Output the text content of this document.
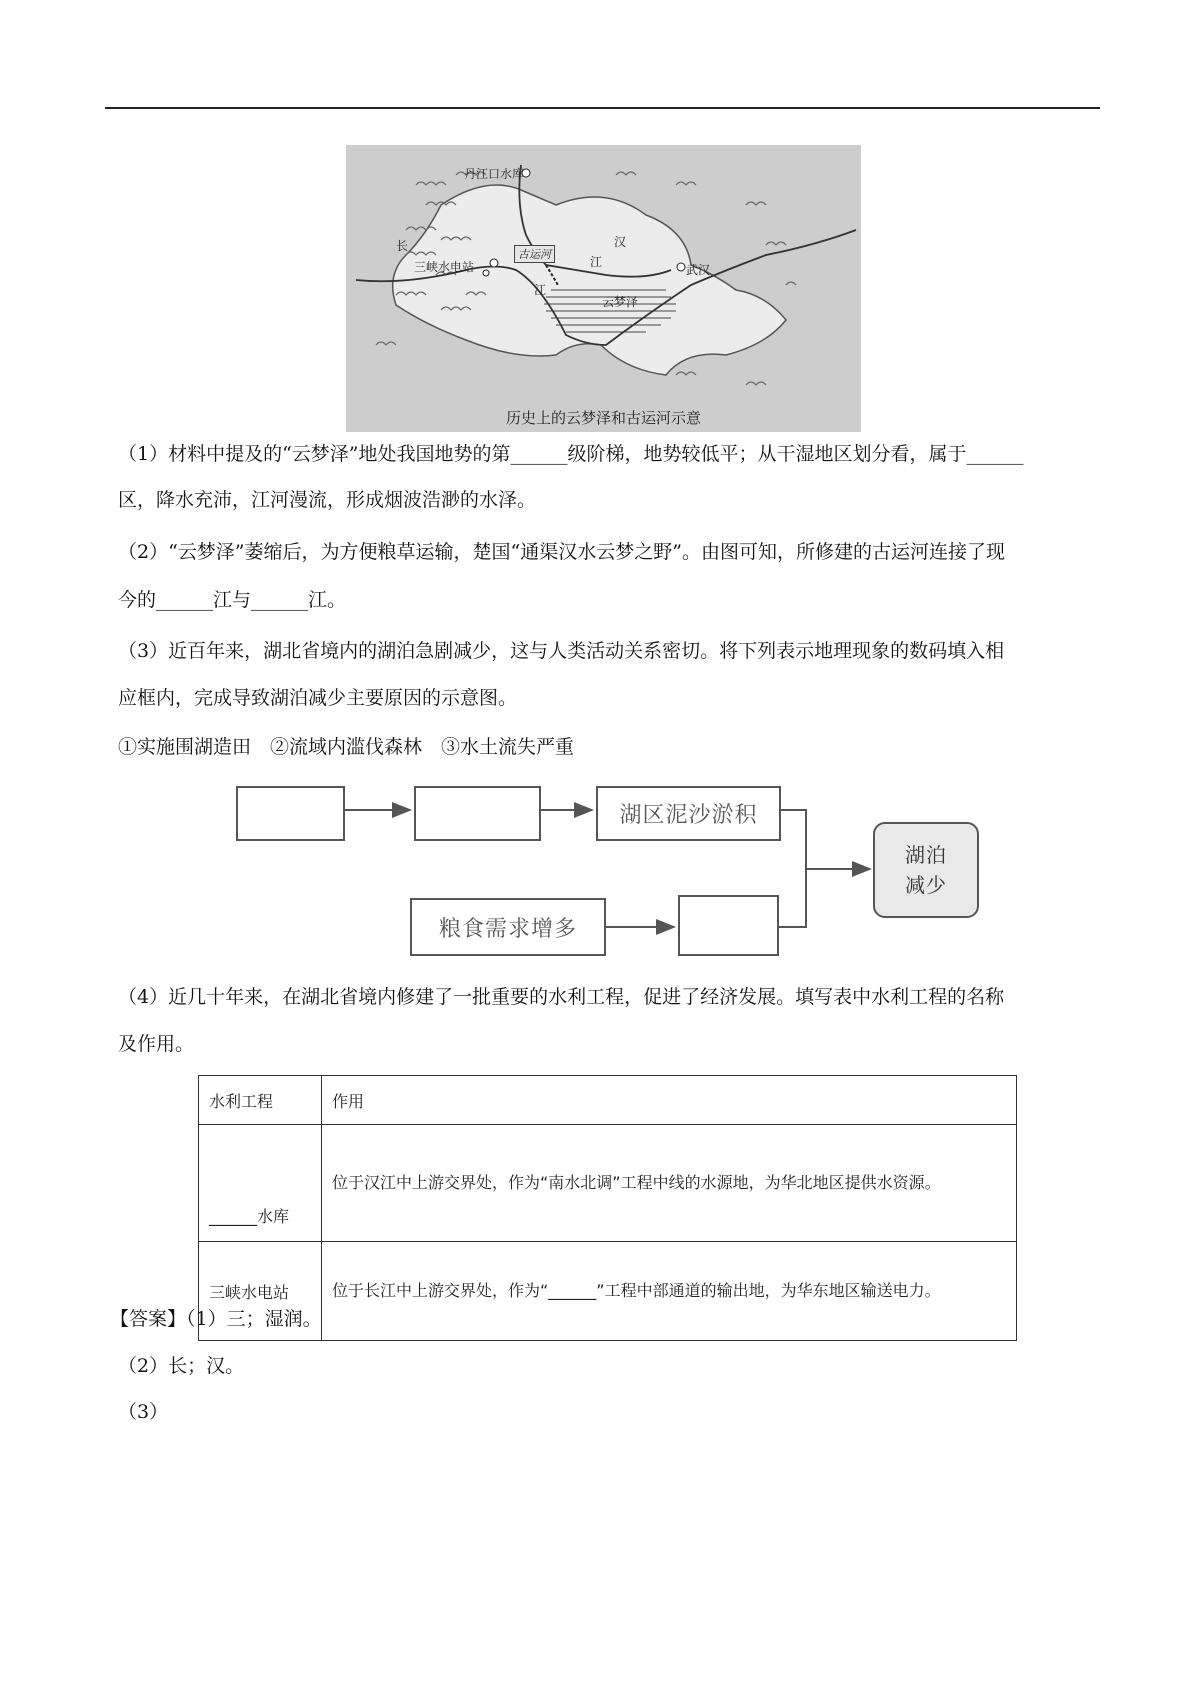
丹江口水库
汉
长
三峡水电站
江
江
古运河
云梦泽
武汉
历史上的云梦泽和古运河示意
（1）材料中提及的“云梦泽”地处我国地势的第______级阶梯，地势较低平；从干湿地区划分看，属于______
区，降水充沛，江河漫流，形成烟波浩渺的水泽。
（2）“云梦泽”萎缩后，为方便粮草运输，楚国“通渠汉水云梦之野”。由图可知，所修建的古运河连接了现
今的______江与______江。
（3）近百年来，湖北省境内的湖泊急剧减少，这与人类活动关系密切。将下列表示地理现象的数码填入相
应框内，完成导致湖泊减少主要原因的示意图。
①实施围湖造田　②流域内滥伐森林　③水土流失严重
湖区泥沙淤积
粮食需求增多
湖泊
减少
（4）近几十年来，在湖北省境内修建了一批重要的水利工程，促进了经济发展。填写表中水利工程的名称
及作用。
水利工程	作用
______水库	位于汉江中上游交界处，作为“南水北调”工程中线的水源地，为华北地区提供水资源。

三峡水电站	位于长江中上游交界处，作为“______”工程中部通道的输出地，为华东地区输送电力。
【答案】（1）三；湿润。
（2）长；汉。
（3）
